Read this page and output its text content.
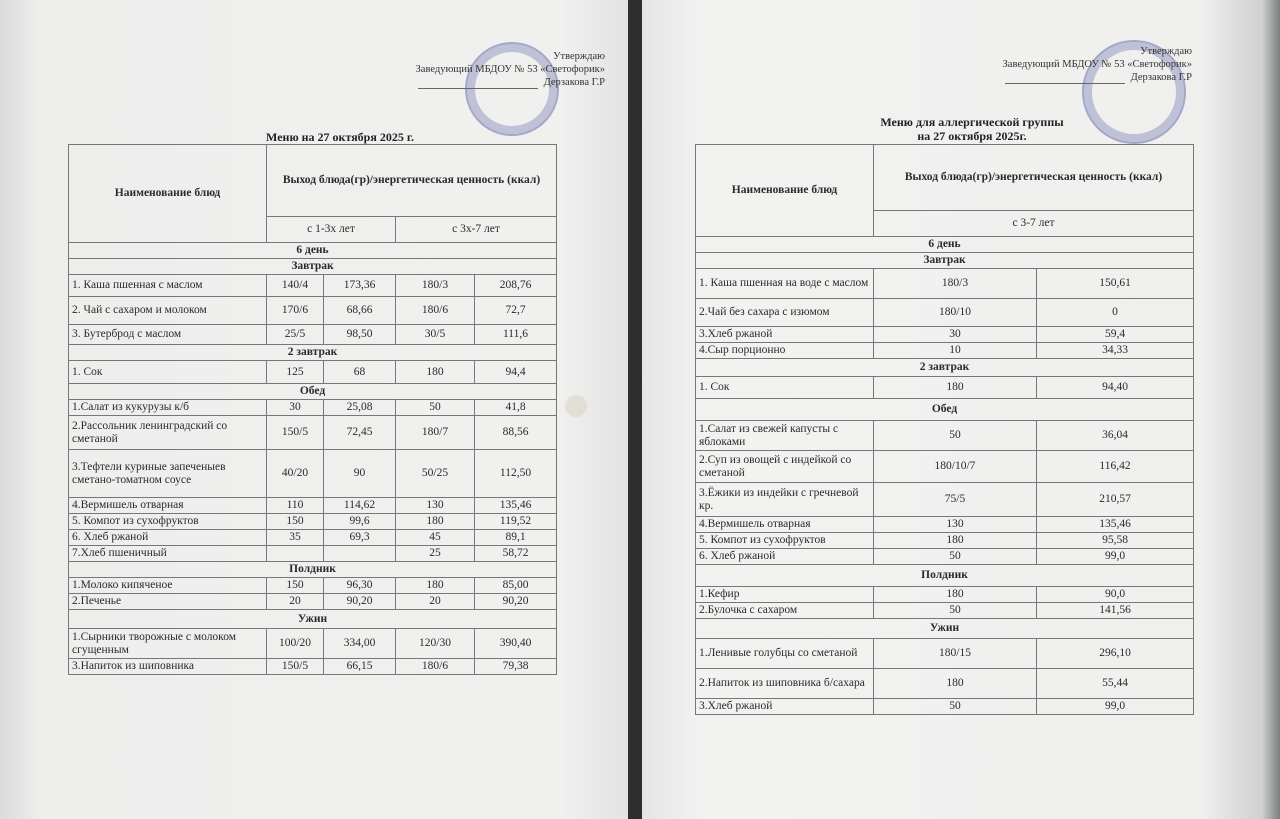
Утверждаю
Заведующий МБДОУ № 53 «Светофорик»
Дерзакова Г.Р
Меню на 27 октября 2025 г.
Наименование блюд	Выход блюда(гр)/энергетическая ценность (ккал)			
	с 1-3х лет		с 3х-7 лет	
6 день				
Завтрак				
1. Каша пшенная с маслом	140/4	173,36	180/3	208,76
2. Чай с сахаром и молоком	170/6	68,66	180/6	72,7
3. Бутерброд с маслом	25/5	98,50	30/5	111,6
2 завтрак				
1. Сок	125	68	180	94,4
Обед				
1.Салат из кукурузы к/б	30	25,08	50	41,8
2.Рассольник ленинградский со сметаной	150/5	72,45	180/7	88,56
3.Тефтели куриные запеченыев сметано-томатном соусе	40/20	90	50/25	112,50
4.Вермишель отварная	110	114,62	130	135,46
5. Компот из сухофруктов	150	99,6	180	119,52
6. Хлеб ржаной	35	69,3	45	89,1
7.Хлеб пшеничный			25	58,72
Полдник				
1.Молоко кипяченое	150	96,30	180	85,00
2.Печенье	20	90,20	20	90,20
Ужин				
1.Сырники творожные с молоком сгущенным	100/20	334,00	120/30	390,40
3.Напиток из шиповника	150/5	66,15	180/6	79,38
Утверждаю
Заведующий МБДОУ № 53 «Светофорик»
Дерзакова Г.Р
Меню для аллергической группы
на 27 октября 2025г.
Наименование блюд	Выход блюда(гр)/энергетическая ценность (ккал)	
	с 3-7 лет	
6 день		
Завтрак		
1. Каша пшенная на воде с маслом	180/3	150,61
2.Чай без сахара с изюмом	180/10	0
3.Хлеб ржаной	30	59,4
4.Сыр порционно	10	34,33
2 завтрак		
1. Сок	180	94,40
Обед		
1.Салат из свежей капусты с яблоками	50	36,04
2.Суп из овощей с индейкой со сметаной	180/10/7	116,42
3.Ёжики из индейки с гречневой кр.	75/5	210,57
4.Вермишель отварная	130	135,46
5. Компот из сухофруктов	180	95,58
6. Хлеб ржаной	50	99,0
Полдник		
1.Кефир	180	90,0
2.Булочка с сахаром	50	141,56
Ужин		
1.Ленивые голубцы со сметаной	180/15	296,10
2.Напиток из шиповника б/сахара	180	55,44
3.Хлеб ржаной	50	99,0
